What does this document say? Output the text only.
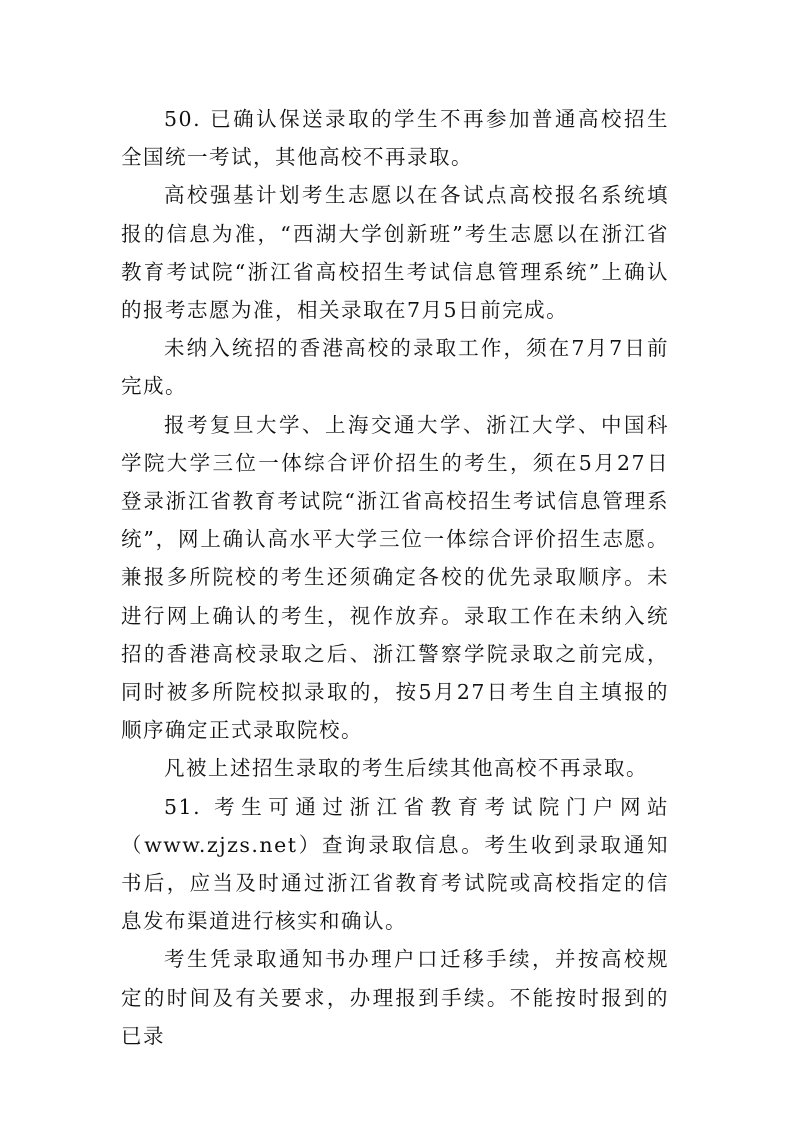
50. 已确认保送录取的学生不再参加普通高校招生全国统一考试，其他高校不再录取。

高校强基计划考生志愿以在各试点高校报名系统填报的信息为准，“西湖大学创新班”考生志愿以在浙江省教育考试院“浙江省高校招生考试信息管理系统”上确认的报考志愿为准，相关录取在7月5日前完成。

未纳入统招的香港高校的录取工作，须在7月7日前完成。

报考复旦大学、上海交通大学、浙江大学、中国科学院大学三位一体综合评价招生的考生，须在5月27日登录浙江省教育考试院“浙江省高校招生考试信息管理系统”，网上确认高水平大学三位一体综合评价招生志愿。兼报多所院校的考生还须确定各校的优先录取顺序。未进行网上确认的考生，视作放弃。录取工作在未纳入统招的香港高校录取之后、浙江警察学院录取之前完成，同时被多所院校拟录取的，按5月27日考生自主填报的顺序确定正式录取院校。

凡被上述招生录取的考生后续其他高校不再录取。

51. 考生可通过浙江省教育考试院门户网站（www.zjzs.net）查询录取信息。考生收到录取通知书后，应当及时通过浙江省教育考试院或高校指定的信息发布渠道进行核实和确认。

考生凭录取通知书办理户口迁移手续，并按高校规定的时间及有关要求，办理报到手续。不能按时报到的已录
